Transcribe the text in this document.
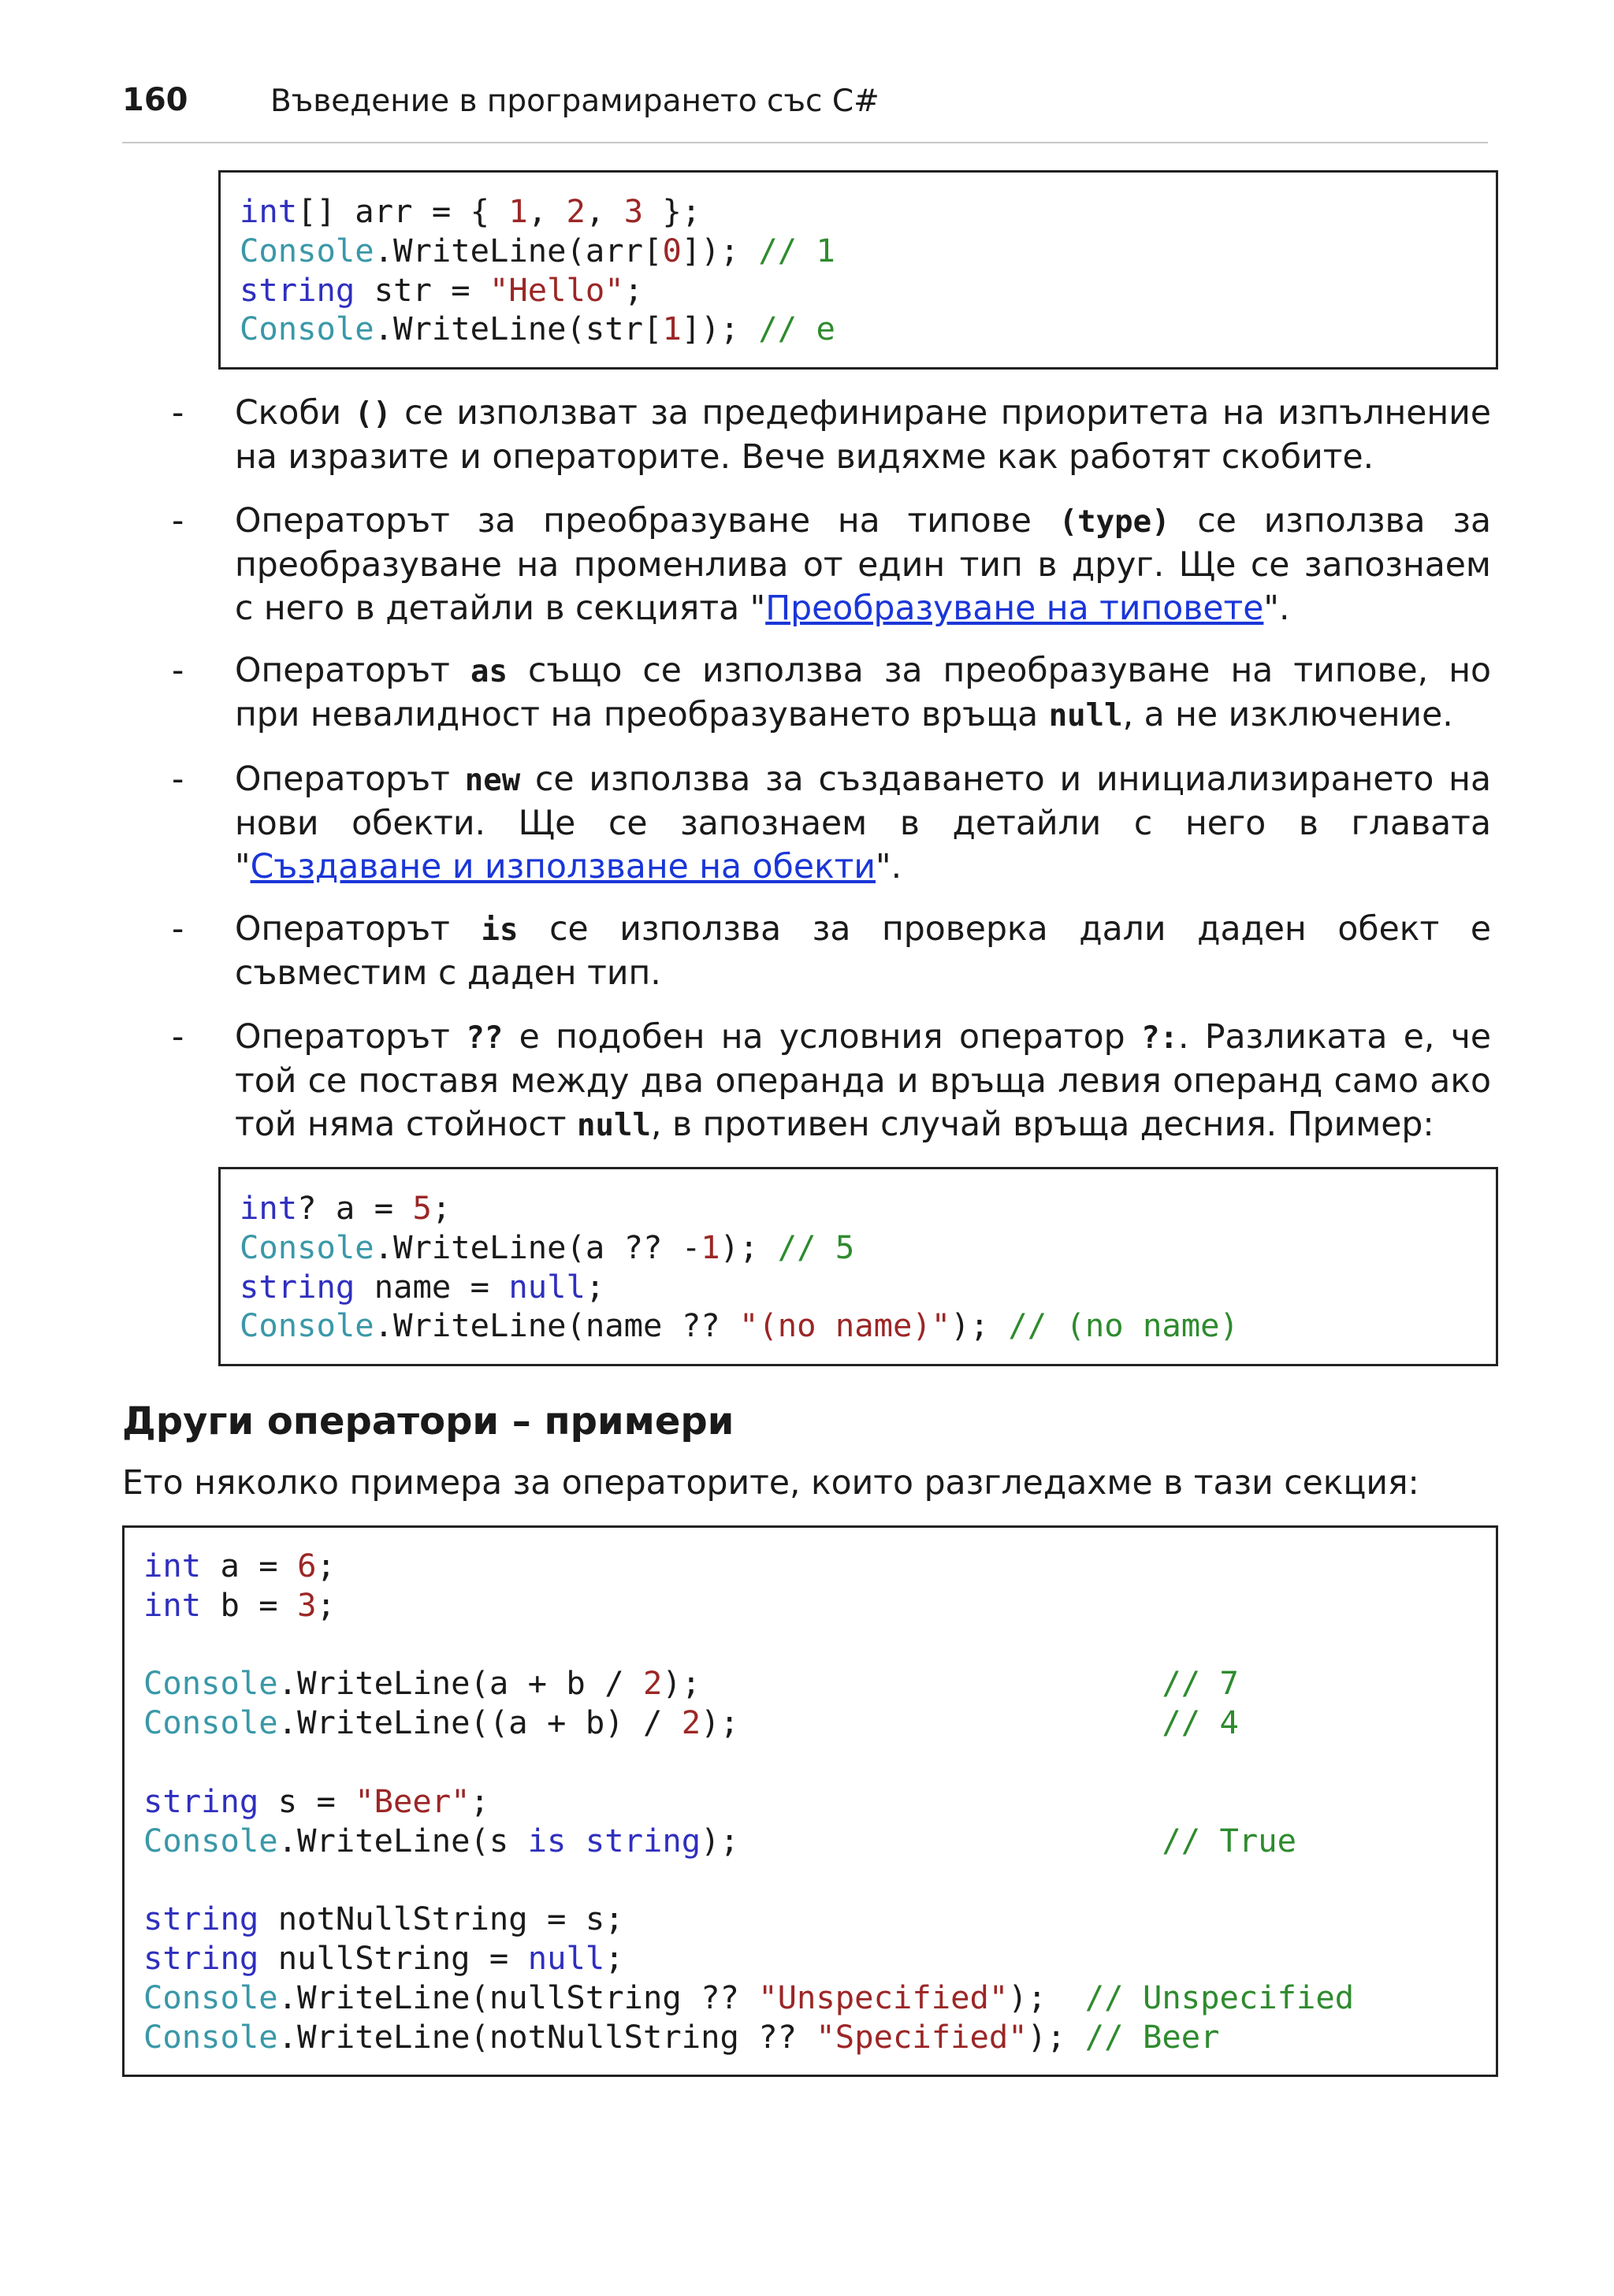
160	Въведение в програмирането със C#
int[] arr = { 1, 2, 3 };
Console.WriteLine(arr[0]); // 1
string str = "Hello";
Console.WriteLine(str[1]); // e
- Скоби () се използват за предефиниране приоритета на изпълнение
на изразите и операторите. Вече видяхме как работят скобите.
- Операторът за преобразуване на типове (type) се използва за
преобразуване на променлива от един тип в друг. Ще се запознаем
с него в детайли в секцията "Преобразуване на типовете".
- Операторът as също се използва за преобразуване на типове, но
при невалидност на преобразуването връща null, а не изключение.
- Операторът new се използва за създаването и инициализирането на
нови обекти. Ще се запознаем в детайли с него в главата
"Създаване и използване на обекти".
- Операторът is се използва за проверка дали даден обект е
съвместим с даден тип.
- Операторът ?? е подобен на условния оператор ?:. Разликата е, че
той се поставя между два операнда и връща левия операнд само ако
той няма стойност null, в противен случай връща десния. Пример:
int? a = 5;
Console.WriteLine(a ?? -1); // 5
string name = null;
Console.WriteLine(name ?? "(no name)"); // (no name)
Други оператори – примери
Ето няколко примера за операторите, които разгледахме в тази секция:
int a = 6;
int b = 3;

Console.WriteLine(a + b / 2);                        // 7
Console.WriteLine((a + b) / 2);                      // 4

string s = "Beer";
Console.WriteLine(s is string);                      // True

string notNullString = s;
string nullString = null;
Console.WriteLine(nullString ?? "Unspecified");  // Unspecified
Console.WriteLine(notNullString ?? "Specified"); // Beer
